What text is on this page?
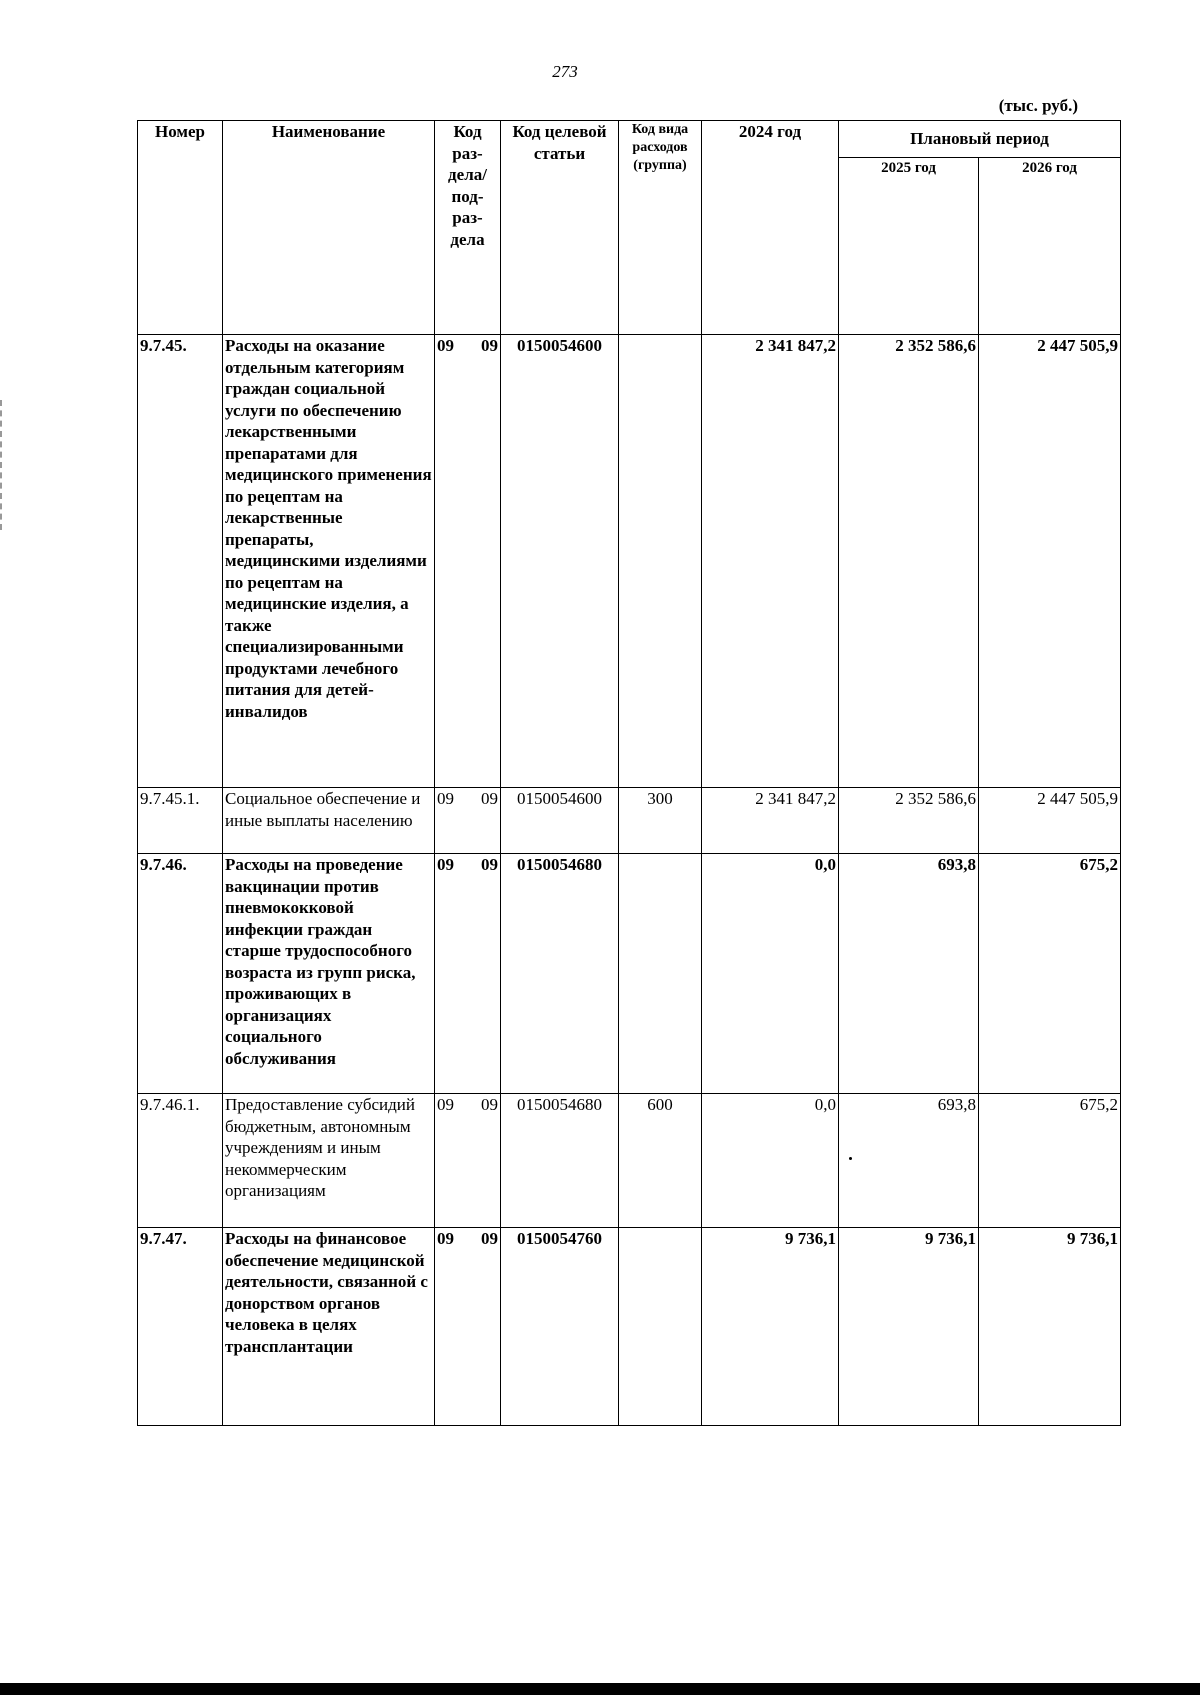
273
(тыс. руб.)
Номер	Наименование	Код раз- дела/ под- раз- дела	Код целевой статьи	Код вида расходов (группа)	2024 год	Плановый период	
						2025 год	2026 год
9.7.45.	Расходы на оказание отдельным категориям граждан социальной услуги по обеспечению лекарственными препаратами для медицинского применения по рецептам на лекарственные препараты, медицинскими изделиями по рецептам на медицинские изделия, а также специализированными продуктами лечебного питания для детей-инвалидов	09 09	0150054600		2 341 847,2	2 352 586,6	2 447 505,9
9.7.45.1.	Социальное обеспечение и иные выплаты населению	09 09	0150054600	300	2 341 847,2	2 352 586,6	2 447 505,9
9.7.46.	Расходы на проведение вакцинации против пневмококковой инфекции граждан старше трудоспособного возраста из групп риска, проживающих в организациях социального обслуживания	09 09	0150054680		0,0	693,8	675,2
9.7.46.1.	Предоставление субсидий бюджетным, автономным учреждениям и иным некоммерческим организациям	09 09	0150054680	600	0,0	693,8	675,2
9.7.47.	Расходы на финансовое обеспечение медицинской деятельности, связанной с донорством органов человека в целях трансплантации	09 09	0150054760		9 736,1	9 736,1	9 736,1
